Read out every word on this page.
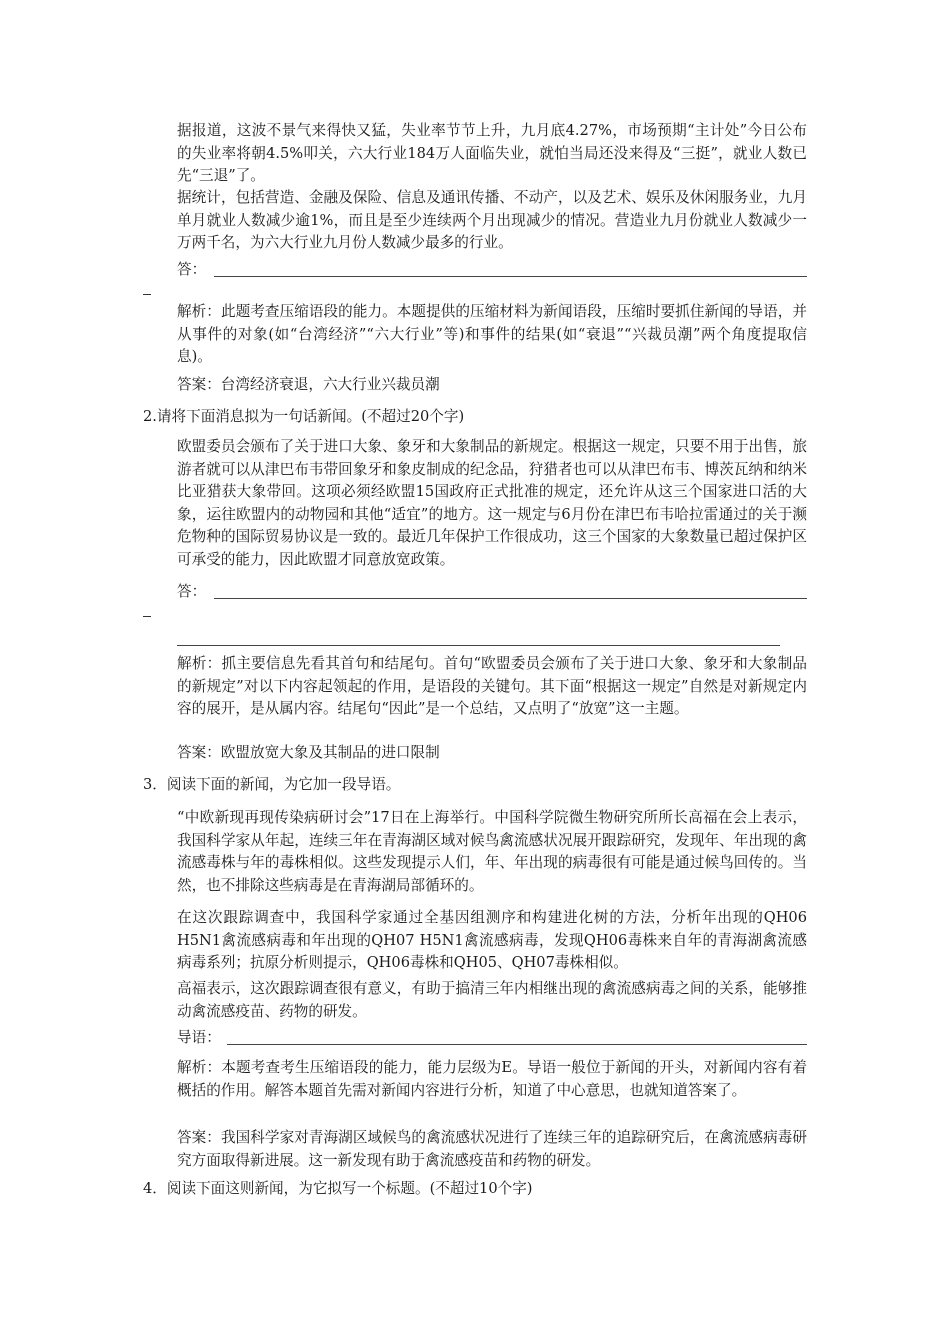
据报道，这波不景气来得快又猛，失业率节节上升，九月底4.27%，市场预期“主计处”今日公布的失业率将朝4.5%叩关，六大行业184万人面临失业，就怕当局还没来得及“三挺”，就业人数已先“三退”了。

据统计，包括营造、金融及保险、信息及通讯传播、不动产，以及艺术、娱乐及休闲服务业，九月单月就业人数减少逾1%，而且是至少连续两个月出现减少的情况。营造业九月份就业人数减少一万两千名，为六大行业九月份人数减少最多的行业。

答：

解析：此题考查压缩语段的能力。本题提供的压缩材料为新闻语段，压缩时要抓住新闻的导语，并从事件的对象(如“台湾经济”“六大行业”等)和事件的结果(如“衰退”“兴裁员潮”两个角度提取信息)。

答案：台湾经济衰退，六大行业兴裁员潮

2.请将下面消息拟为一句话新闻。(不超过20个字)

欧盟委员会颁布了关于进口大象、象牙和大象制品的新规定。根据这一规定，只要不用于出售，旅游者就可以从津巴布韦带回象牙和象皮制成的纪念品，狩猎者也可以从津巴布韦、博茨瓦纳和纳米比亚猎获大象带回。这项必须经欧盟15国政府正式批准的规定，还允许从这三个国家进口活的大象，运往欧盟内的动物园和其他“适宜”的地方。这一规定与6月份在津巴布韦哈拉雷通过的关于濒危物种的国际贸易协议是一致的。最近几年保护工作很成功，这三个国家的大象数量已超过保护区可承受的能力，因此欧盟才同意放宽政策。

答：

解析：抓主要信息先看其首句和结尾句。首句“欧盟委员会颁布了关于进口大象、象牙和大象制品的新规定”对以下内容起领起的作用，是语段的关键句。其下面“根据这一规定”自然是对新规定内容的展开，是从属内容。结尾句“因此”是一个总结，又点明了“放宽”这一主题。

答案：欧盟放宽大象及其制品的进口限制

3．阅读下面的新闻，为它加一段导语。

“中欧新现再现传染病研讨会”17日在上海举行。中国科学院微生物研究所所长高福在会上表示，我国科学家从年起，连续三年在青海湖区域对候鸟禽流感状况展开跟踪研究，发现年、年出现的禽流感毒株与年的毒株相似。这些发现提示人们，年、年出现的病毒很有可能是通过候鸟回传的。当然，也不排除这些病毒是在青海湖局部循环的。

在这次跟踪调查中，我国科学家通过全基因组测序和构建进化树的方法，分析年出现的QH06 H5N1禽流感病毒和年出现的QH07 H5N1禽流感病毒，发现QH06毒株来自年的青海湖禽流感病毒系列；抗原分析则提示，QH06毒株和QH05、QH07毒株相似。

高福表示，这次跟踪调查很有意义，有助于搞清三年内相继出现的禽流感病毒之间的关系，能够推动禽流感疫苗、药物的研发。

导语：

解析：本题考查考生压缩语段的能力，能力层级为E。导语一般位于新闻的开头，对新闻内容有着概括的作用。解答本题首先需对新闻内容进行分析，知道了中心意思，也就知道答案了。

答案：我国科学家对青海湖区域候鸟的禽流感状况进行了连续三年的追踪研究后，在禽流感病毒研究方面取得新进展。这一新发现有助于禽流感疫苗和药物的研发。

4．阅读下面这则新闻，为它拟写一个标题。(不超过10个字)
